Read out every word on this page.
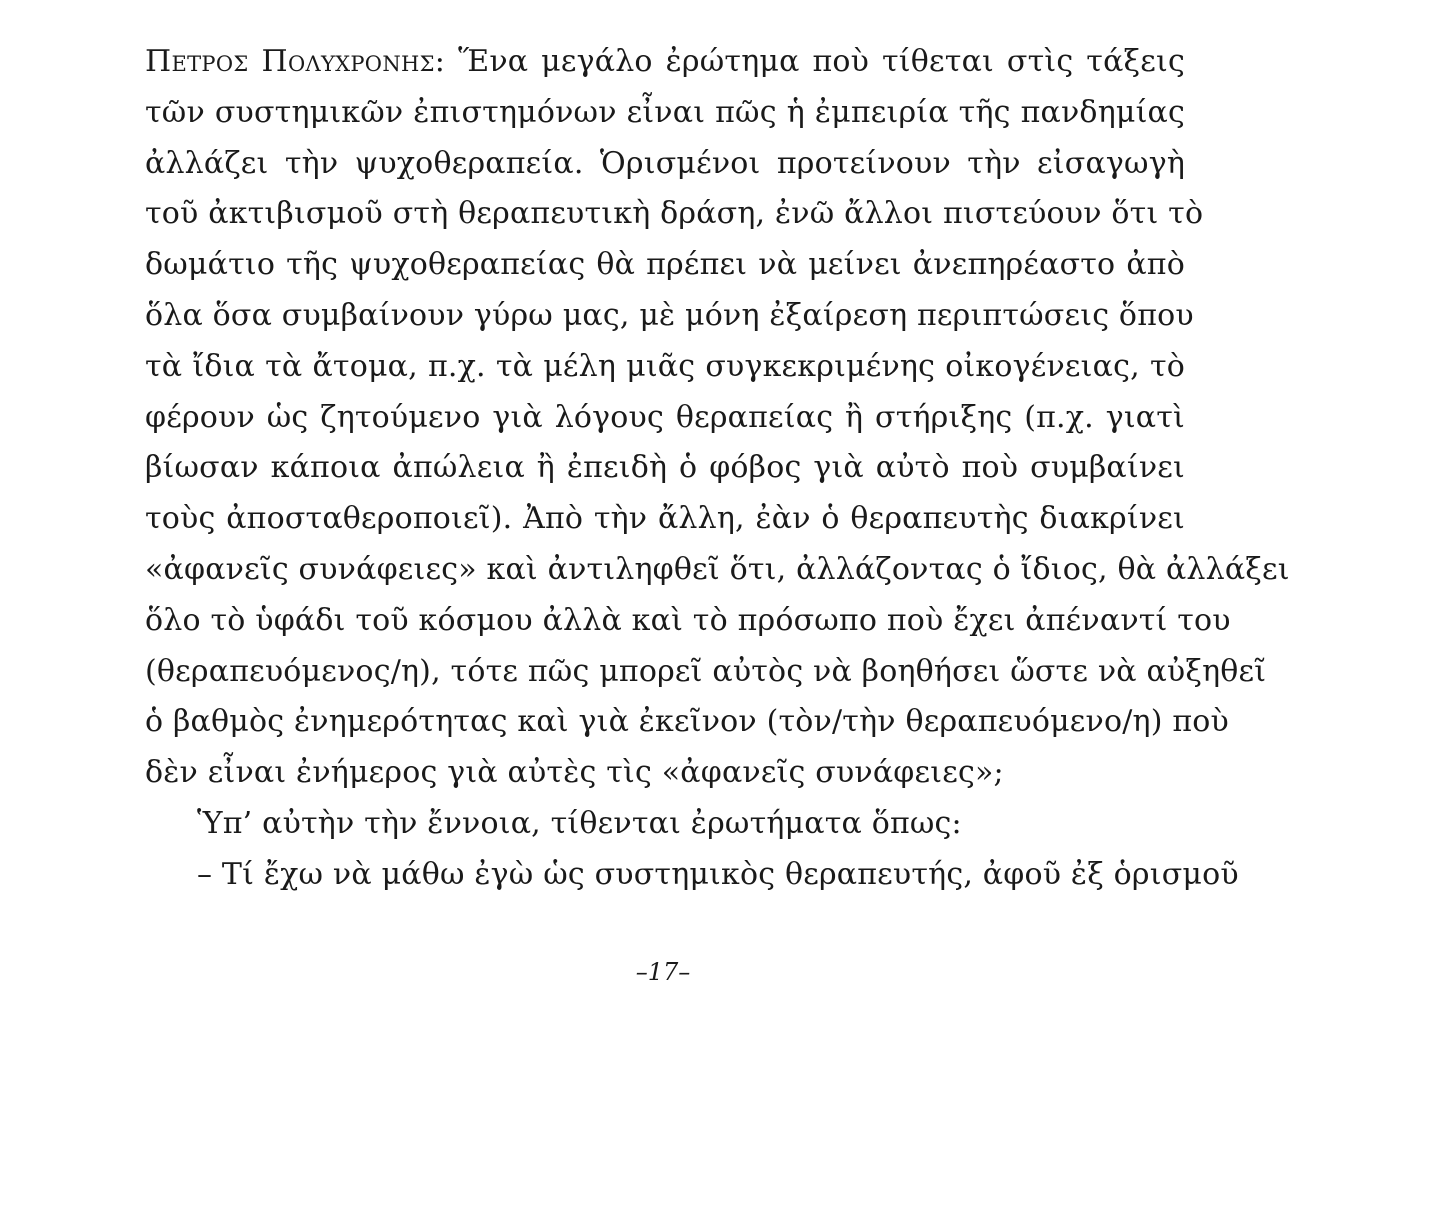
Πετρος Πολυχρονης: Ἕνα μεγάλο ἐρώτημα ποὺ τίθεται στὶς τάξεις
τῶν συστημικῶν ἐπιστημόνων εἶναι πῶς ἡ ἐμπειρία τῆς πανδημίας
ἀλλάζει τὴν ψυχοθεραπεία. Ὁρισμένοι προτείνουν τὴν εἰσαγωγὴ
τοῦ ἀκτιβισμοῦ στὴ θεραπευτικὴ δράση, ἐνῶ ἄλλοι πιστεύουν ὅτι τὸ
δωμάτιο τῆς ψυχοθεραπείας θὰ πρέπει νὰ μείνει ἀνεπηρέαστο ἀπὸ
ὅλα ὅσα συμβαίνουν γύρω μας, μὲ μόνη ἐξαίρεση περιπτώσεις ὅπου
τὰ ἴδια τὰ ἄτομα, π.χ. τὰ μέλη μιᾶς συγκεκριμένης οἰκογένειας, τὸ
φέρουν ὡς ζητούμενο γιὰ λόγους θεραπείας ἢ στήριξης (π.χ. γιατὶ
βίωσαν κάποια ἀπώλεια ἢ ἐπειδὴ ὁ φόβος γιὰ αὐτὸ ποὺ συμβαίνει
τοὺς ἀποσταθεροποιεῖ). Ἀπὸ τὴν ἄλλη, ἐὰν ὁ θεραπευτὴς διακρίνει
«ἀφανεῖς συνάφειες» καὶ ἀντιληφθεῖ ὅτι, ἀλλάζοντας ὁ ἴδιος, θὰ ἀλλάξει
ὅλο τὸ ὑφάδι τοῦ κόσμου ἀλλὰ καὶ τὸ πρόσωπο ποὺ ἔχει ἀπέναντί του
(θεραπευόμενος/η), τότε πῶς μπορεῖ αὐτὸς νὰ βοηθήσει ὥστε νὰ αὐξηθεῖ
ὁ βαθμὸς ἐνημερότητας καὶ γιὰ ἐκεῖνον (τὸν/τὴν θεραπευόμενο/η) ποὺ
δὲν εἶναι ἐνήμερος γιὰ αὐτὲς τὶς «ἀφανεῖς συνάφειες»;
Ὑπ’ αὐτὴν τὴν ἔννοια, τίθενται ἐρωτήματα ὅπως:
– Τί ἔχω νὰ μάθω ἐγὼ ὡς συστημικὸς θεραπευτής, ἀφοῦ ἐξ ὁρισμοῦ
–17–
